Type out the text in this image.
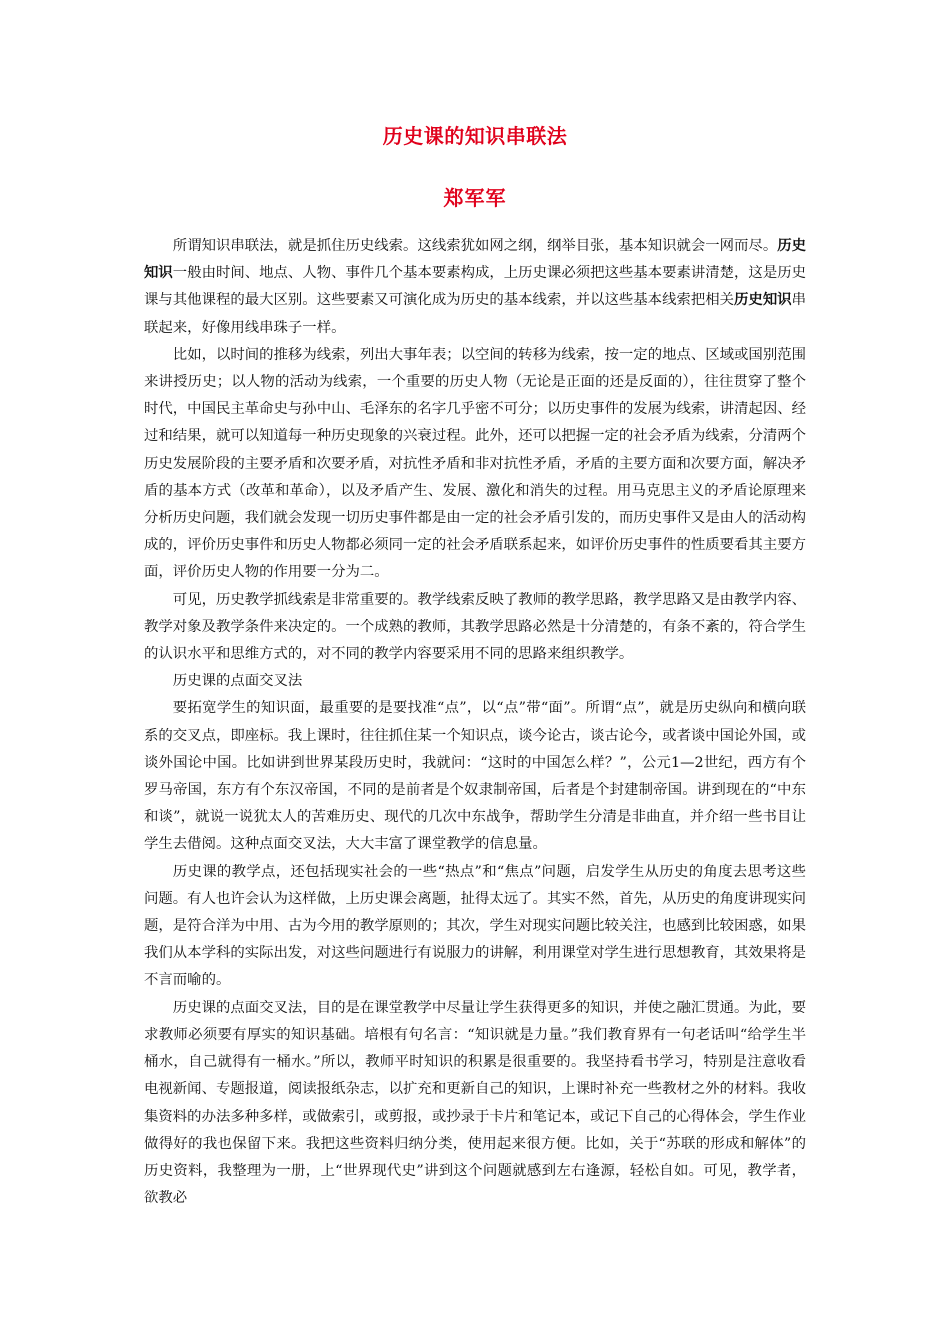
历史课的知识串联法
郑军军

所谓知识串联法，就是抓住历史线索。这线索犹如网之纲，纲举目张，基本知识就会一网而尽。历史知识一般由时间、地点、人物、事件几个基本要素构成，上历史课必须把这些基本要素讲清楚，这是历史课与其他课程的最大区别。这些要素又可演化成为历史的基本线索，并以这些基本线索把相关历史知识串联起来，好像用线串珠子一样。

比如，以时间的推移为线索，列出大事年表；以空间的转移为线索，按一定的地点、区域或国别范围来讲授历史；以人物的活动为线索，一个重要的历史人物（无论是正面的还是反面的），往往贯穿了整个时代，中国民主革命史与孙中山、毛泽东的名字几乎密不可分；以历史事件的发展为线索，讲清起因、经过和结果，就可以知道每一种历史现象的兴衰过程。此外，还可以把握一定的社会矛盾为线索，分清两个历史发展阶段的主要矛盾和次要矛盾，对抗性矛盾和非对抗性矛盾，矛盾的主要方面和次要方面，解决矛盾的基本方式（改革和革命），以及矛盾产生、发展、激化和消失的过程。用马克思主义的矛盾论原理来分析历史问题，我们就会发现一切历史事件都是由一定的社会矛盾引发的，而历史事件又是由人的活动构成的，评价历史事件和历史人物都必须同一定的社会矛盾联系起来，如评价历史事件的性质要看其主要方面，评价历史人物的作用要一分为二。

可见，历史教学抓线索是非常重要的。教学线索反映了教师的教学思路，教学思路又是由教学内容、教学对象及教学条件来决定的。一个成熟的教师，其教学思路必然是十分清楚的，有条不紊的，符合学生的认识水平和思维方式的，对不同的教学内容要采用不同的思路来组织教学。

历史课的点面交叉法

要拓宽学生的知识面，最重要的是要找准“点”，以“点”带“面”。所谓“点”，就是历史纵向和横向联系的交叉点，即座标。我上课时，往往抓住某一个知识点，谈今论古，谈古论今，或者谈中国论外国，或谈外国论中国。比如讲到世界某段历史时，我就问：“这时的中国怎么样？”，公元1—2世纪，西方有个罗马帝国，东方有个东汉帝国，不同的是前者是个奴隶制帝国，后者是个封建制帝国。讲到现在的“中东和谈”，就说一说犹太人的苦难历史、现代的几次中东战争，帮助学生分清是非曲直，并介绍一些书目让学生去借阅。这种点面交叉法，大大丰富了课堂教学的信息量。

历史课的教学点，还包括现实社会的一些“热点”和“焦点”问题，启发学生从历史的角度去思考这些问题。有人也许会认为这样做，上历史课会离题，扯得太远了。其实不然，首先，从历史的角度讲现实问题，是符合洋为中用、古为今用的教学原则的；其次，学生对现实问题比较关注，也感到比较困惑，如果我们从本学科的实际出发，对这些问题进行有说服力的讲解，利用课堂对学生进行思想教育，其效果将是不言而喻的。

历史课的点面交叉法，目的是在课堂教学中尽量让学生获得更多的知识，并使之融汇贯通。为此，要求教师必须要有厚实的知识基础。培根有句名言：“知识就是力量。”我们教育界有一句老话叫“给学生半桶水，自己就得有一桶水。”所以，教师平时知识的积累是很重要的。我坚持看书学习，特别是注意收看电视新闻、专题报道，阅读报纸杂志，以扩充和更新自己的知识，上课时补充一些教材之外的材料。我收集资料的办法多种多样，或做索引，或剪报，或抄录于卡片和笔记本，或记下自己的心得体会，学生作业做得好的我也保留下来。我把这些资料归纳分类，使用起来很方便。比如，关于“苏联的形成和解体”的历史资料，我整理为一册，上“世界现代史”讲到这个问题就感到左右逢源，轻松自如。可见，教学者，欲教必
